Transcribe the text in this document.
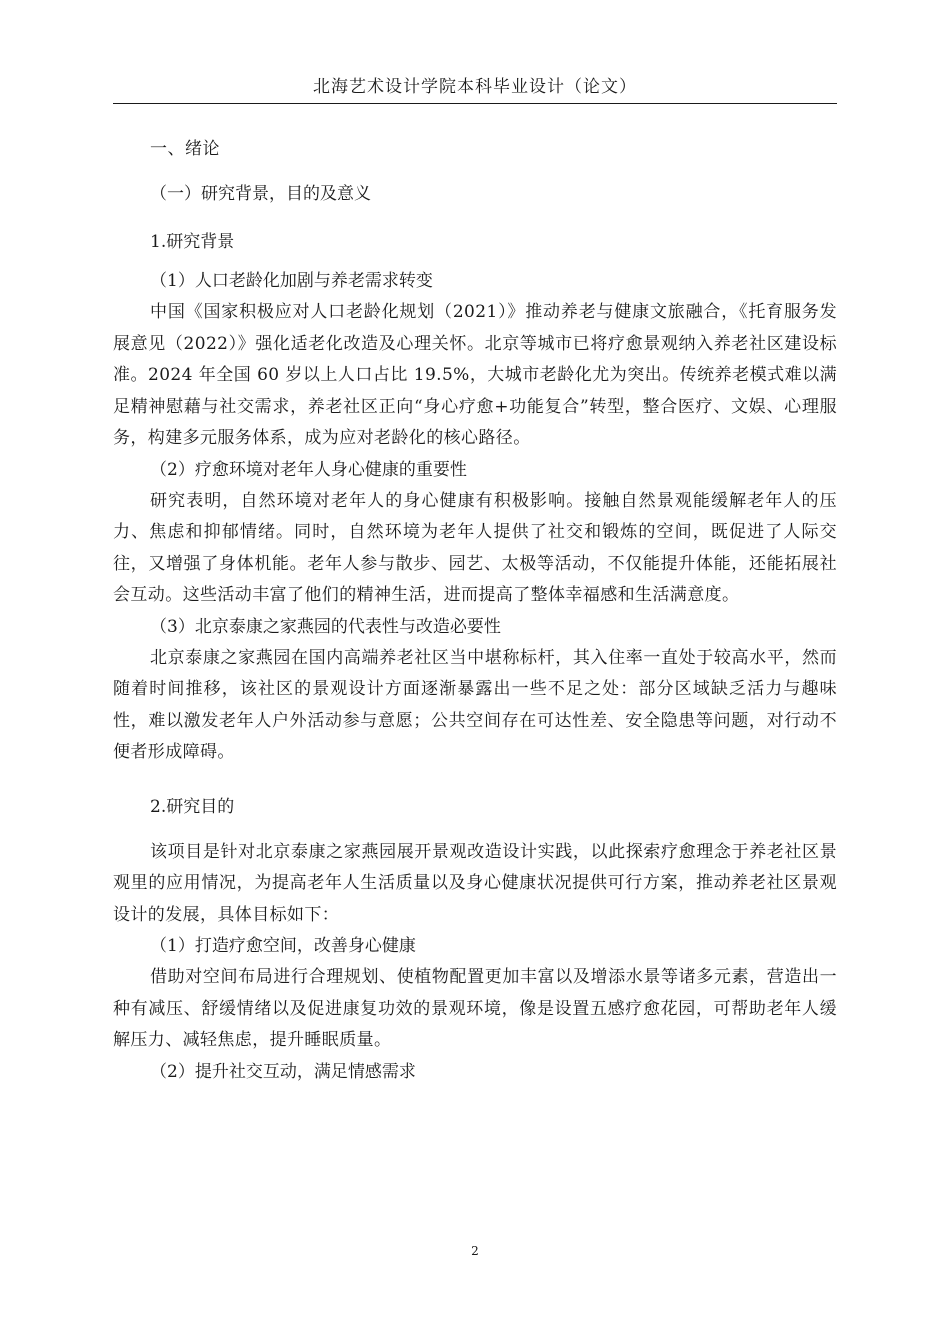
北海艺术设计学院本科毕业设计（论文）

一、绪论

（一）研究背景，目的及意义

1.研究背景

（1）人口老龄化加剧与养老需求转变

中国《国家积极应对人口老龄化规划（2021）》推动养老与健康文旅融合，《托育服务发展意见（2022）》强化适老化改造及心理关怀。北京等城市已将疗愈景观纳入养老社区建设标准。2024 年全国 60 岁以上人口占比 19.5%，大城市老龄化尤为突出。传统养老模式难以满足精神慰藉与社交需求，养老社区正向“身心疗愈+功能复合”转型，整合医疗、文娱、心理服务，构建多元服务体系，成为应对老龄化的核心路径。

（2）疗愈环境对老年人身心健康的重要性

研究表明，自然环境对老年人的身心健康有积极影响。接触自然景观能缓解老年人的压力、焦虑和抑郁情绪。同时，自然环境为老年人提供了社交和锻炼的空间，既促进了人际交往，又增强了身体机能。老年人参与散步、园艺、太极等活动，不仅能提升体能，还能拓展社会互动。这些活动丰富了他们的精神生活，进而提高了整体幸福感和生活满意度。

（3）北京泰康之家燕园的代表性与改造必要性

北京泰康之家燕园在国内高端养老社区当中堪称标杆，其入住率一直处于较高水平，然而随着时间推移，该社区的景观设计方面逐渐暴露出一些不足之处：部分区域缺乏活力与趣味性，难以激发老年人户外活动参与意愿；公共空间存在可达性差、安全隐患等问题，对行动不便者形成障碍。

2.研究目的

该项目是针对北京泰康之家燕园展开景观改造设计实践，以此探索疗愈理念于养老社区景观里的应用情况，为提高老年人生活质量以及身心健康状况提供可行方案，推动养老社区景观设计的发展，具体目标如下：

（1）打造疗愈空间，改善身心健康

借助对空间布局进行合理规划、使植物配置更加丰富以及增添水景等诸多元素，营造出一种有减压、舒缓情绪以及促进康复功效的景观环境，像是设置五感疗愈花园，可帮助老年人缓解压力、减轻焦虑，提升睡眠质量。

（2）提升社交互动，满足情感需求

2
